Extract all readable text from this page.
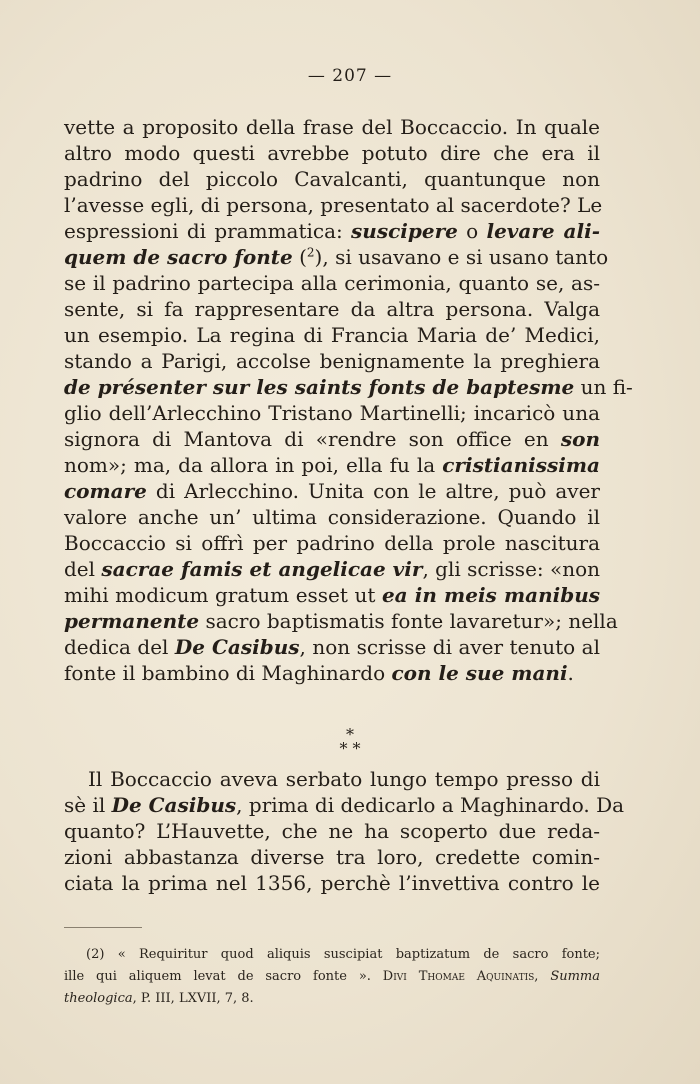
— 207 —
vette a proposito della frase del Boccaccio. In quale
altro modo questi avrebbe potuto dire che era il
padrino del piccolo Cavalcanti, quantunque non
l’avesse egli, di persona, presentato al sacerdote? Le
espressioni di prammatica: suscipere o levare ali-
quem de sacro fonte ($^2$), si usavano e si usano tanto
se il padrino partecipa alla cerimonia, quanto se, as-
sente, si fa rappresentare da altra persona. Valga
un esempio. La regina di Francia Maria de’ Medici,
stando a Parigi, accolse benignamente la preghiera
de présenter sur les saints fonts de baptesme un fi-
glio dell’Arlecchino Tristano Martinelli; incaricò una
signora di Mantova di «rendre son office en son
nom»; ma, da allora in poi, ella fu la cristianissima
comare di Arlecchino. Unita con le altre, può aver
valore anche un’ ultima considerazione. Quando il
Boccaccio si offrì per padrino della prole nascitura
del sacrae famis et angelicae vir, gli scrisse: «non
mihi modicum gratum esset ut ea in meis manibus
permanente sacro baptismatis fonte lavaretur»; nella
dedica del De Casibus, non scrisse di aver tenuto al
fonte il bambino di Maghinardo con le sue mani.
*
* *
Il Boccaccio aveva serbato lungo tempo presso di
sè il De Casibus, prima di dedicarlo a Maghinardo. Da
quanto? L’Hauvette, che ne ha scoperto due reda-
zioni abbastanza diverse tra loro, credette comin-
ciata la prima nel 1356, perchè l’invettiva contro le
(2) « Requiritur quod aliquis suscipiat baptizatum de sacro fonte;
ille qui aliquem levat de sacro fonte ». Divi Thomae Aquinatis, Summa
theologica, P. III, LXVII, 7, 8.
